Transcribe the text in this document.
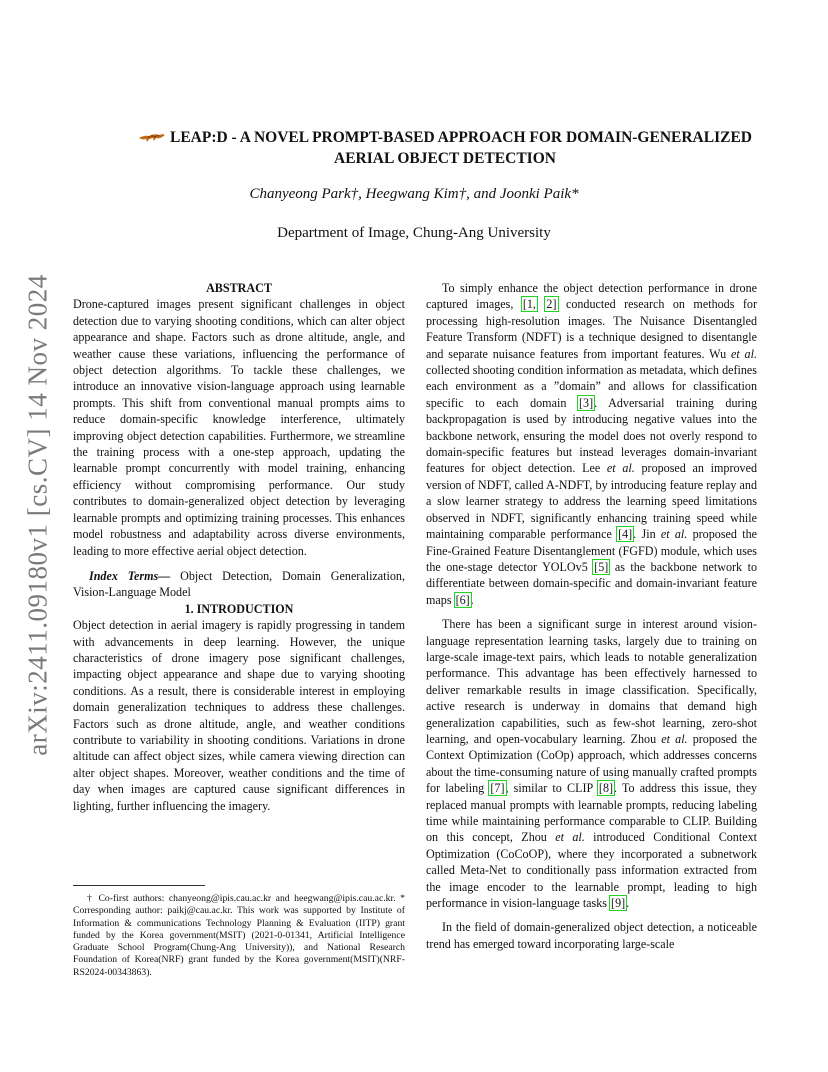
arXiv:2411.09180v1 [cs.CV] 14 Nov 2024
LEAP:D - A NOVEL PROMPT-BASED APPROACH FOR DOMAIN-GENERALIZED
AERIAL OBJECT DETECTION
Chanyeong Park†, Heegwang Kim†, and Joonki Paik*
Department of Image, Chung-Ang University

ABSTRACT

Drone-captured images present significant challenges in object detection due to varying shooting conditions, which can alter object appearance and shape. Factors such as drone altitude, angle, and weather cause these variations, influencing the performance of object detection algorithms. To tackle these challenges, we introduce an innovative vision-language approach using learnable prompts. This shift from conventional manual prompts aims to reduce domain-specific knowledge interference, ultimately improving object detection capabilities. Furthermore, we streamline the training process with a one-step approach, updating the learnable prompt concurrently with model training, enhancing efficiency without compromising performance. Our study contributes to domain-generalized object detection by leveraging learnable prompts and optimizing training processes. This enhances model robustness and adaptability across diverse environments, leading to more effective aerial object detection.

Index Terms— Object Detection, Domain Generalization, Vision-Language Model

1. INTRODUCTION

Object detection in aerial imagery is rapidly progressing in tandem with advancements in deep learning. However, the unique characteristics of drone imagery pose significant challenges, impacting object appearance and shape due to varying shooting conditions. As a result, there is considerable interest in employing domain generalization techniques to address these challenges. Factors such as drone altitude, angle, and weather conditions contribute to variability in shooting conditions. Variations in drone altitude can affect object sizes, while camera viewing direction can alter object shapes. Moreover, weather conditions and the time of day when images are captured cause significant differences in lighting, further influencing the imagery.

† Co-first authors: chanyeong@ipis.cau.ac.kr and heegwang@ipis.cau.ac.kr. * Corresponding author: paikj@cau.ac.kr. This work was supported by Institute of Information & communications Technology Planning & Evaluation (IITP) grant funded by the Korea government(MSIT) (2021-0-01341, Artificial Intelligence Graduate School Program(Chung-Ang University)), and National Research Foundation of Korea(NRF) grant funded by the Korea government(MSIT)(NRF-RS2024-00343863).

To simply enhance the object detection performance in drone captured images, [1, 2] conducted research on methods for processing high-resolution images. The Nuisance Disentangled Feature Transform (NDFT) is a technique designed to disentangle and separate nuisance features from important features. Wu et al. collected shooting condition information as metadata, which defines each environment as a ”domain” and allows for classification specific to each domain [3]. Adversarial training during backpropagation is used by introducing negative values into the backbone network, ensuring the model does not overly respond to domain-specific features but instead leverages domain-invariant features for object detection. Lee et al. proposed an improved version of NDFT, called A-NDFT, by introducing feature replay and a slow learner strategy to address the learning speed limitations observed in NDFT, significantly enhancing training speed while maintaining comparable performance [4]. Jin et al. proposed the Fine-Grained Feature Disentanglement (FGFD) module, which uses the one-stage detector YOLOv5 [5] as the backbone network to differentiate between domain-specific and domain-invariant feature maps [6].

There has been a significant surge in interest around vision-language representation learning tasks, largely due to training on large-scale image-text pairs, which leads to notable generalization performance. This advantage has been effectively harnessed to deliver remarkable results in image classification. Specifically, active research is underway in domains that demand high generalization capabilities, such as few-shot learning, zero-shot learning, and open-vocabulary learning. Zhou et al. proposed the Context Optimization (CoOp) approach, which addresses concerns about the time-consuming nature of using manually crafted prompts for labeling [7], similar to CLIP [8]. To address this issue, they replaced manual prompts with learnable prompts, reducing labeling time while maintaining performance comparable to CLIP. Building on this concept, Zhou et al. introduced Conditional Context Optimization (CoCoOP), where they incorporated a subnetwork called Meta-Net to conditionally pass information extracted from the image encoder to the learnable prompt, leading to high performance in vision-language tasks [9].

In the field of domain-generalized object detection, a noticeable trend has emerged toward incorporating large-scale
